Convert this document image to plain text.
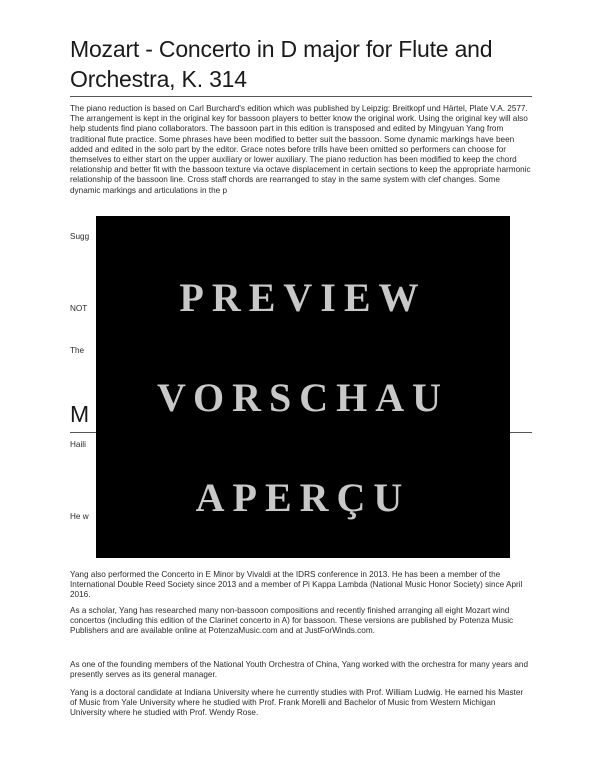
Mozart - Concerto in D major for Flute and Orchestra, K. 314

The piano reduction is based on Carl Burchard's edition which was published by Leipzig: Breitkopf und Härtel, Plate V.A. 2577. The arrangement is kept in the original key for bassoon players to better know the original work. Using the original key will also help students find piano collaborators. The bassoon part in this edition is transposed and edited by Mingyuan Yang from traditional flute practice. Some phrases have been modified to better suit the bassoon. Some dynamic markings have been added and edited in the solo part by the editor. Grace notes before trills have been omitted so performers can choose for themselves to either start on the upper auxiliary or lower auxiliary. The piano reduction has been modified to keep the chord relationship and better fit with the bassoon texture via octave displacement in certain sections to keep the appropriate harmonic relationship of the bassoon line. Cross staff chords are rearranged to stay in the same system with clef changes. Some dynamic markings and articulations in the p

Sugg

NOT

The

M

Haili

He w

Yang also performed the Concerto in E Minor by Vivaldi at the IDRS conference in 2013. He has been a member of the International Double Reed Society since 2013 and a member of Pi Kappa Lambda (National Music Honor Society) since April 2016.

As a scholar, Yang has researched many non-bassoon compositions and recently finished arranging all eight Mozart wind concertos (including this edition of the Clarinet concerto in A) for bassoon. These versions are published by Potenza Music Publishers and are available online at PotenzaMusic.com and at JustForWinds.com.

As one of the founding members of the National Youth Orchestra of China, Yang worked with the orchestra for many years and presently serves as its general manager.

Yang is a doctoral candidate at Indiana University where he currently studies with Prof. William Ludwig. He earned his Master of Music from Yale University where he studied with Prof. Frank Morelli and Bachelor of Music from Western Michigan University where he studied with Prof. Wendy Rose.

PREVIEW
VORSCHAU
APERÇU
